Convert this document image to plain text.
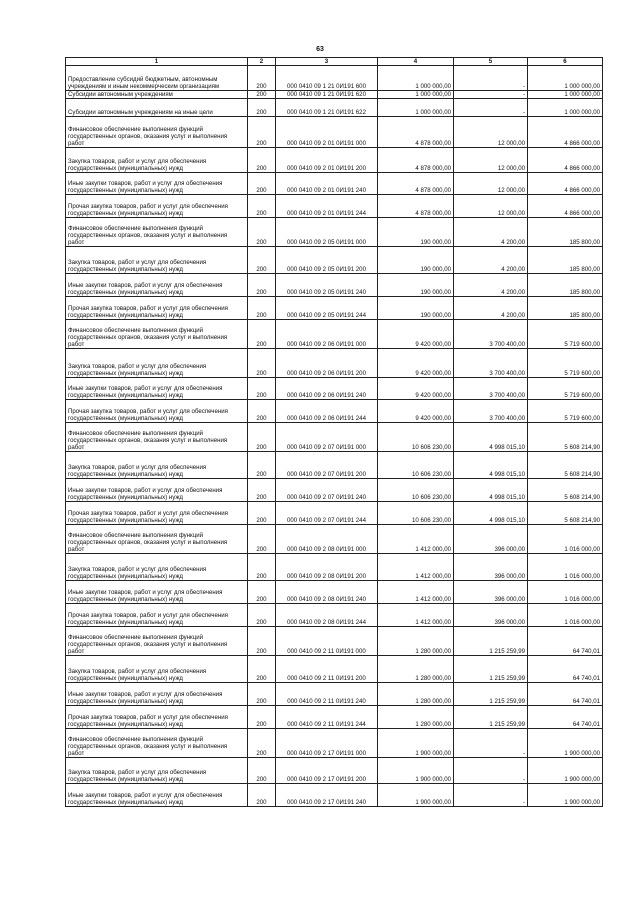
63
1	2	3	4	5	6
Предоставление субсидий бюджетным, автономным учреждениям и иным некоммерческим организациям	200	000 0410 09 1 21 0И191 600	1 000 000,00	-	1 000 000,00
Субсидии автономным учреждениям	200	000 0410 09 1 21 0И191 620	1 000 000,00	-	1 000 000,00
Субсидии автономным учреждениям на иные цели	200	000 0410 09 1 21 0И191 622	1 000 000,00	-	1 000 000,00
Финансовое обеспечение выполнения функций государственных органов, оказания услуг и выполнения работ	200	000 0410 09 2 01 0И191 000	4 878 000,00	12 000,00	4 866 000,00
Закупка товаров, работ и услуг для обеспечения государственных (муниципальных) нужд	200	000 0410 09 2 01 0И191 200	4 878 000,00	12 000,00	4 866 000,00
Иные закупки товаров, работ и услуг для обеспечения государственных (муниципальных) нужд	200	000 0410 09 2 01 0И191 240	4 878 000,00	12 000,00	4 866 000,00
Прочая закупка товаров, работ и услуг для обеспечения государственных (муниципальных) нужд	200	000 0410 09 2 01 0И191 244	4 878 000,00	12 000,00	4 866 000,00
Финансовое обеспечение выполнения функций государственных органов, оказания услуг и выполнения работ	200	000 0410 09 2 05 0И191 000	190 000,00	4 200,00	185 800,00
Закупка товаров, работ и услуг для обеспечения государственных (муниципальных) нужд	200	000 0410 09 2 05 0И191 200	190 000,00	4 200,00	185 800,00
Иные закупки товаров, работ и услуг для обеспечения государственных (муниципальных) нужд	200	000 0410 09 2 05 0И191 240	190 000,00	4 200,00	185 800,00
Прочая закупка товаров, работ и услуг для обеспечения государственных (муниципальных) нужд	200	000 0410 09 2 05 0И191 244	190 000,00	4 200,00	185 800,00
Финансовое обеспечение выполнения функций государственных органов, оказания услуг и выполнения работ	200	000 0410 09 2 06 0И191 000	9 420 000,00	3 700 400,00	5 719 600,00
Закупка товаров, работ и услуг для обеспечения государственных (муниципальных) нужд	200	000 0410 09 2 06 0И191 200	9 420 000,00	3 700 400,00	5 719 600,00
Иные закупки товаров, работ и услуг для обеспечения государственных (муниципальных) нужд	200	000 0410 09 2 06 0И191 240	9 420 000,00	3 700 400,00	5 719 600,00
Прочая закупка товаров, работ и услуг для обеспечения государственных (муниципальных) нужд	200	000 0410 09 2 06 0И191 244	9 420 000,00	3 700 400,00	5 719 600,00
Финансовое обеспечение выполнения функций государственных органов, оказания услуг и выполнения работ	200	000 0410 09 2 07 0И191 000	10 606 230,00	4 998 015,10	5 608 214,90
Закупка товаров, работ и услуг для обеспечения государственных (муниципальных) нужд	200	000 0410 09 2 07 0И191 200	10 606 230,00	4 998 015,10	5 608 214,90
Иные закупки товаров, работ и услуг для обеспечения государственных (муниципальных) нужд	200	000 0410 09 2 07 0И191 240	10 606 230,00	4 998 015,10	5 608 214,90
Прочая закупка товаров, работ и услуг для обеспечения государственных (муниципальных) нужд	200	000 0410 09 2 07 0И191 244	10 606 230,00	4 998 015,10	5 608 214,90
Финансовое обеспечение выполнения функций государственных органов, оказания услуг и выполнения работ	200	000 0410 09 2 08 0И191 000	1 412 000,00	396 000,00	1 016 000,00
Закупка товаров, работ и услуг для обеспечения государственных (муниципальных) нужд	200	000 0410 09 2 08 0И191 200	1 412 000,00	396 000,00	1 016 000,00
Иные закупки товаров, работ и услуг для обеспечения государственных (муниципальных) нужд	200	000 0410 09 2 08 0И191 240	1 412 000,00	396 000,00	1 016 000,00
Прочая закупка товаров, работ и услуг для обеспечения государственных (муниципальных) нужд	200	000 0410 09 2 08 0И191 244	1 412 000,00	396 000,00	1 016 000,00
Финансовое обеспечение выполнения функций государственных органов, оказания услуг и выполнения работ	200	000 0410 09 2 11 0И191 000	1 280 000,00	1 215 259,99	64 740,01
Закупка товаров, работ и услуг для обеспечения государственных (муниципальных) нужд	200	000 0410 09 2 11 0И191 200	1 280 000,00	1 215 259,99	64 740,01
Иные закупки товаров, работ и услуг для обеспечения государственных (муниципальных) нужд	200	000 0410 09 2 11 0И191 240	1 280 000,00	1 215 259,99	64 740,01
Прочая закупка товаров, работ и услуг для обеспечения государственных (муниципальных) нужд	200	000 0410 09 2 11 0И191 244	1 280 000,00	1 215 259,99	64 740,01
Финансовое обеспечение выполнения функций государственных органов, оказания услуг и выполнения работ	200	000 0410 09 2 17 0И191 000	1 900 000,00	-	1 900 000,00
Закупка товаров, работ и услуг для обеспечения государственных (муниципальных) нужд	200	000 0410 09 2 17 0И191 200	1 900 000,00	-	1 900 000,00
Иные закупки товаров, работ и услуг для обеспечения государственных (муниципальных) нужд	200	000 0410 09 2 17 0И191 240	1 900 000,00	-	1 900 000,00
